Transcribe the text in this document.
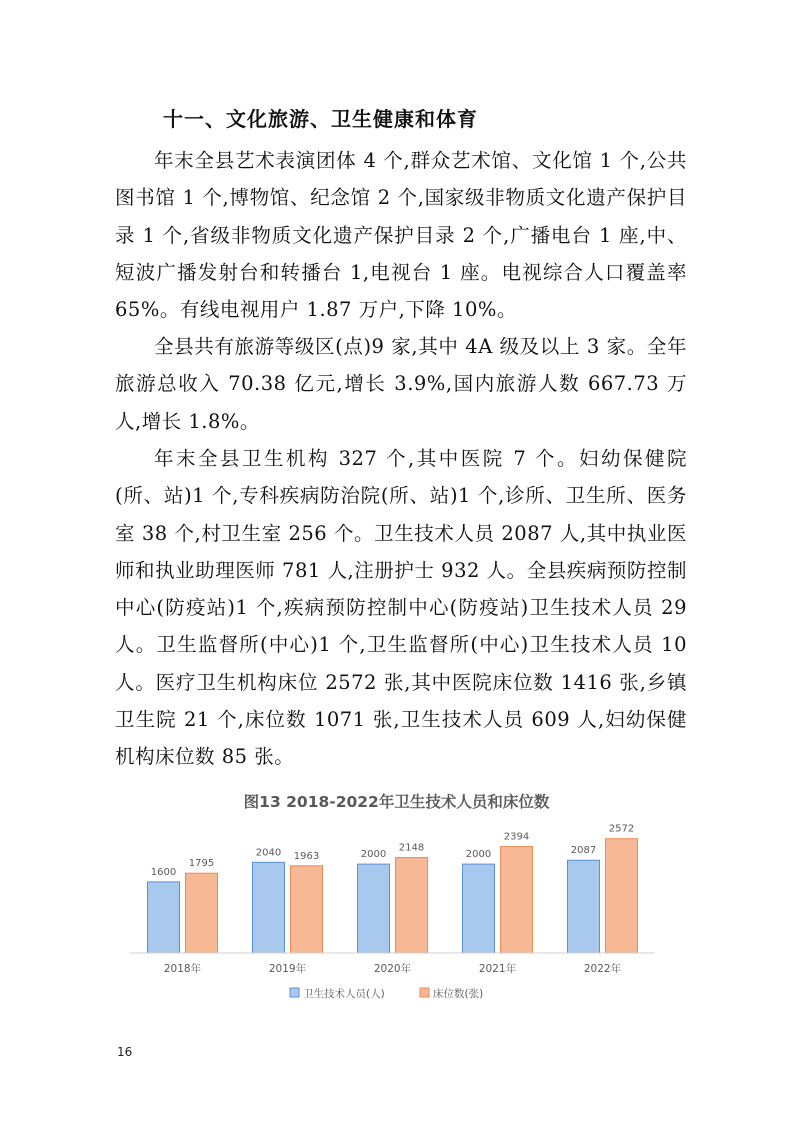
十一、文化旅游、卫生健康和体育

年末全县艺术表演团体 4 个,群众艺术馆、文化馆 1 个,公共图书馆 1 个,博物馆、纪念馆 2 个,国家级非物质文化遗产保护目录 1 个,省级非物质文化遗产保护目录 2 个,广播电台 1 座,中、短波广播发射台和转播台 1,电视台 1 座。电视综合人口覆盖率 65%。有线电视用户 1.87 万户,下降 10%。

全县共有旅游等级区(点)9 家,其中 4A 级及以上 3 家。全年旅游总收入 70.38 亿元,增长 3.9%,国内旅游人数 667.73 万人,增长 1.8%。

年末全县卫生机构 327 个,其中医院 7 个。妇幼保健院(所、站)1 个,专科疾病防治院(所、站)1 个,诊所、卫生所、医务室 38 个,村卫生室 256 个。卫生技术人员 2087 人,其中执业医师和执业助理医师 781 人,注册护士 932 人。全县疾病预防控制中心(防疫站)1 个,疾病预防控制中心(防疫站)卫生技术人员 29 人。卫生监督所(中心)1 个,卫生监督所(中心)卫生技术人员 10 人。医疗卫生机构床位 2572 张,其中医院床位数 1416 张,乡镇卫生院 21 个,床位数 1071 张,卫生技术人员 609 人,妇幼保健机构床位数 85 张。

图13 2018-2022年卫生技术人员和床位数
1600
1795
2018年
2040 1963
2019年
2000
2148
2020年
2000
2394
2021年
2087
2572
2022年
卫生技术人员(人)	床位数(张)
16
